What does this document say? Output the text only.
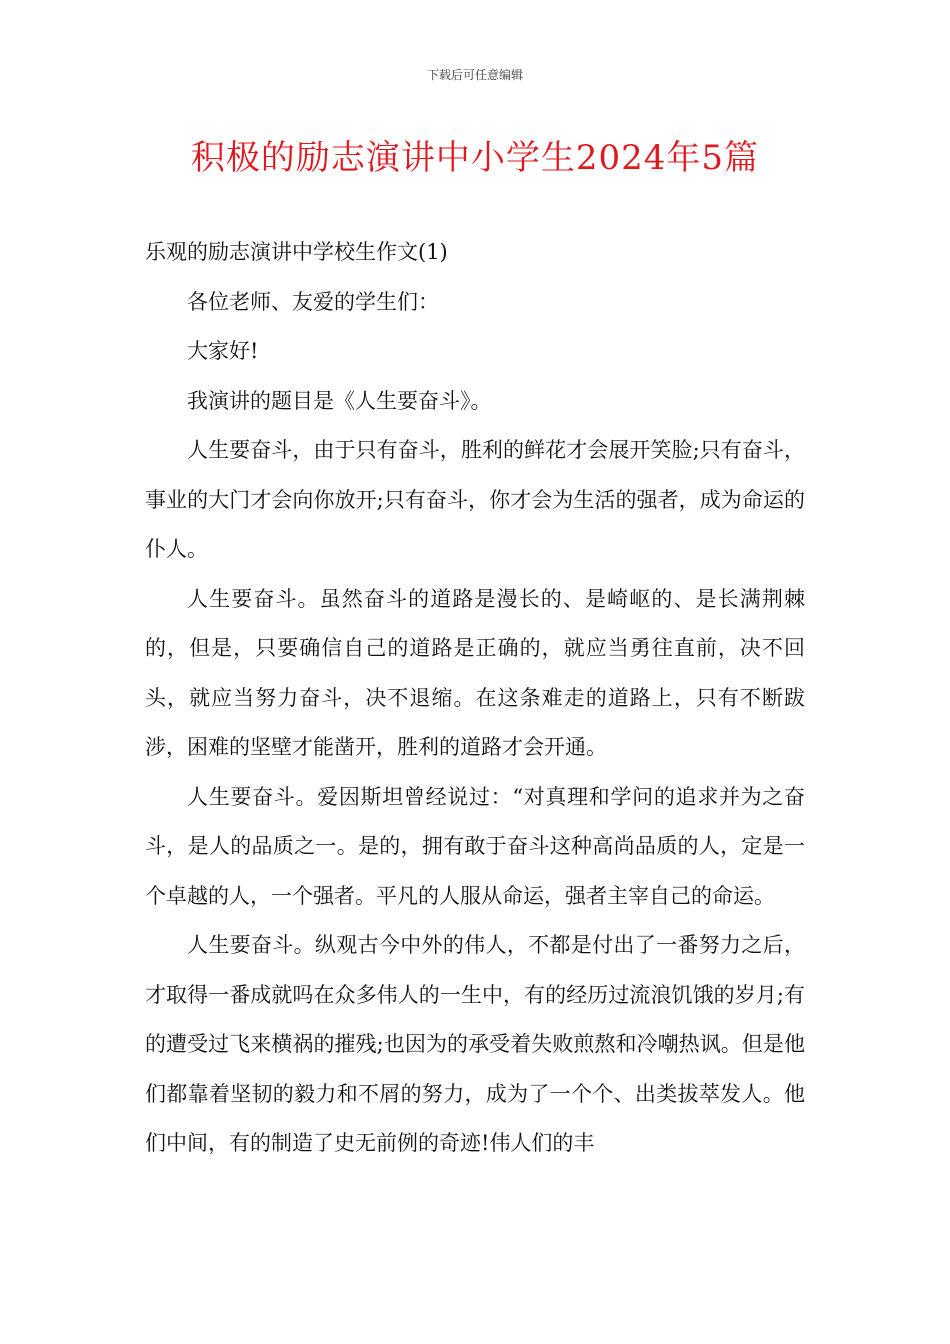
下载后可任意编辑
积极的励志演讲中小学生2024年5篇

乐观的励志演讲中学校生作文(1)

各位老师、友爱的学生们：

大家好!

我演讲的题目是《人生要奋斗》。

人生要奋斗，由于只有奋斗，胜利的鲜花才会展开笑脸;只有奋斗，事业的大门才会向你放开;只有奋斗，你才会为生活的强者，成为命运的仆人。

人生要奋斗。虽然奋斗的道路是漫长的、是崎岖的、是长满荆棘的，但是，只要确信自己的道路是正确的，就应当勇往直前，决不回头，就应当努力奋斗，决不退缩。在这条难走的道路上，只有不断跋涉，困难的坚壁才能凿开，胜利的道路才会开通。

人生要奋斗。爱因斯坦曾经说过：“对真理和学问的追求并为之奋斗，是人的品质之一。是的，拥有敢于奋斗这种高尚品质的人，定是一个卓越的人，一个强者。平凡的人服从命运，强者主宰自己的命运。

人生要奋斗。纵观古今中外的伟人，不都是付出了一番努力之后，才取得一番成就吗在众多伟人的一生中，有的经历过流浪饥饿的岁月;有的遭受过飞来横祸的摧残;也因为的承受着失败煎熬和冷嘲热讽。但是他们都靠着坚韧的毅力和不屑的努力，成为了一个个、出类拔萃发人。他们中间，有的制造了史无前例的奇迹!伟人们的丰
